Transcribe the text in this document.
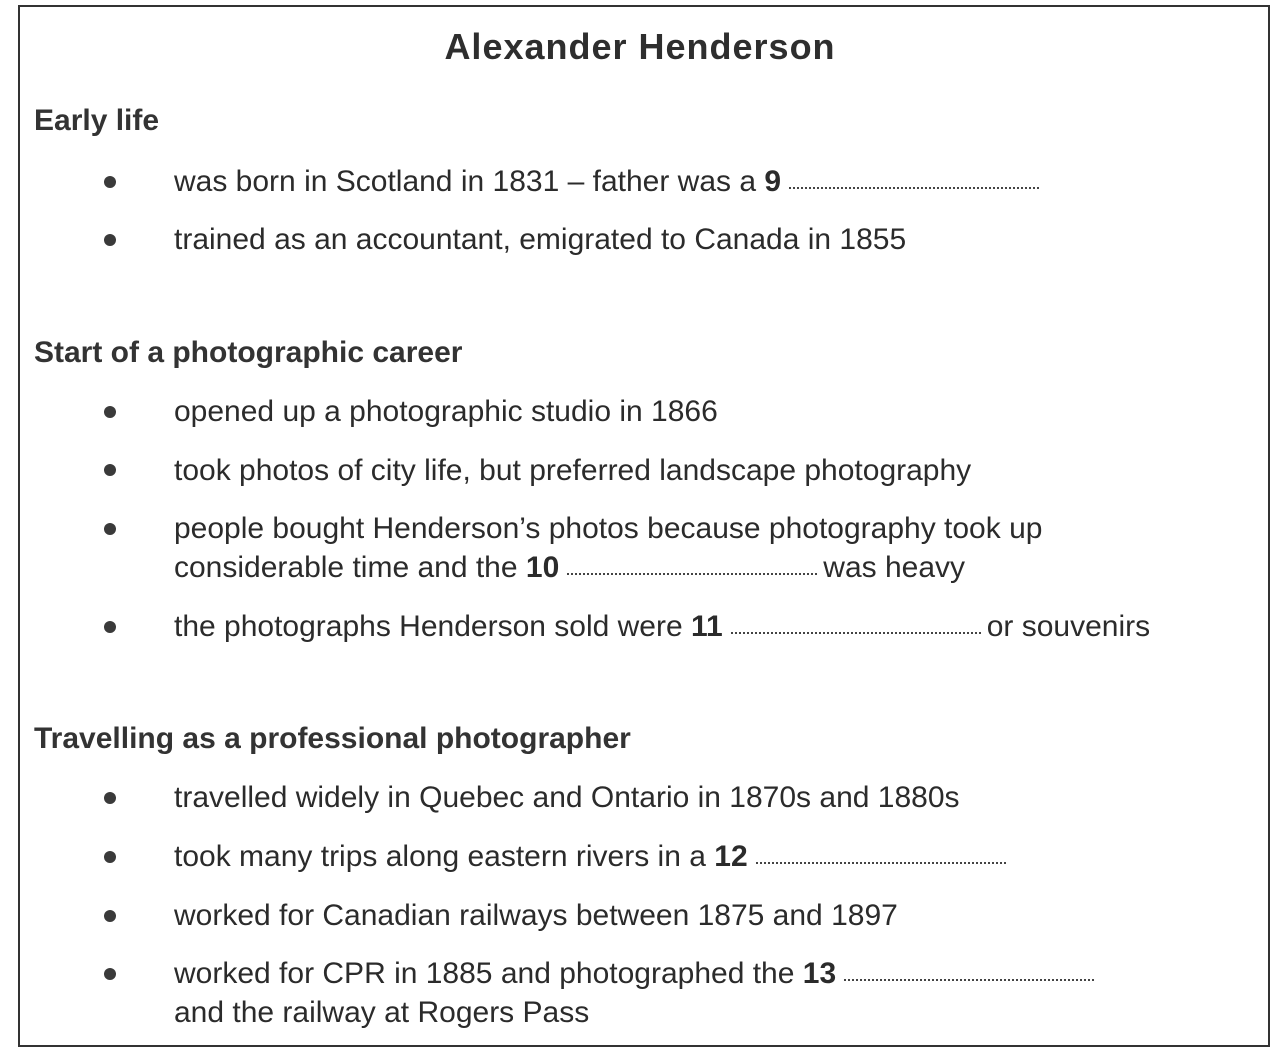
Alexander Henderson
Early life
was born in Scotland in 1831 – father was a 9
trained as an accountant, emigrated to Canada in 1855
Start of a photographic career
opened up a photographic studio in 1866
took photos of city life, but preferred landscape photography
people bought Henderson’s photos because photography took up
considerable time and the 10	was heavy
the photographs Henderson sold were 11	or souvenirs
Travelling as a professional photographer
travelled widely in Quebec and Ontario in 1870s and 1880s
took many trips along eastern rivers in a 12
worked for Canadian railways between 1875 and 1897
worked for CPR in 1885 and photographed the 13
and the railway at Rogers Pass
